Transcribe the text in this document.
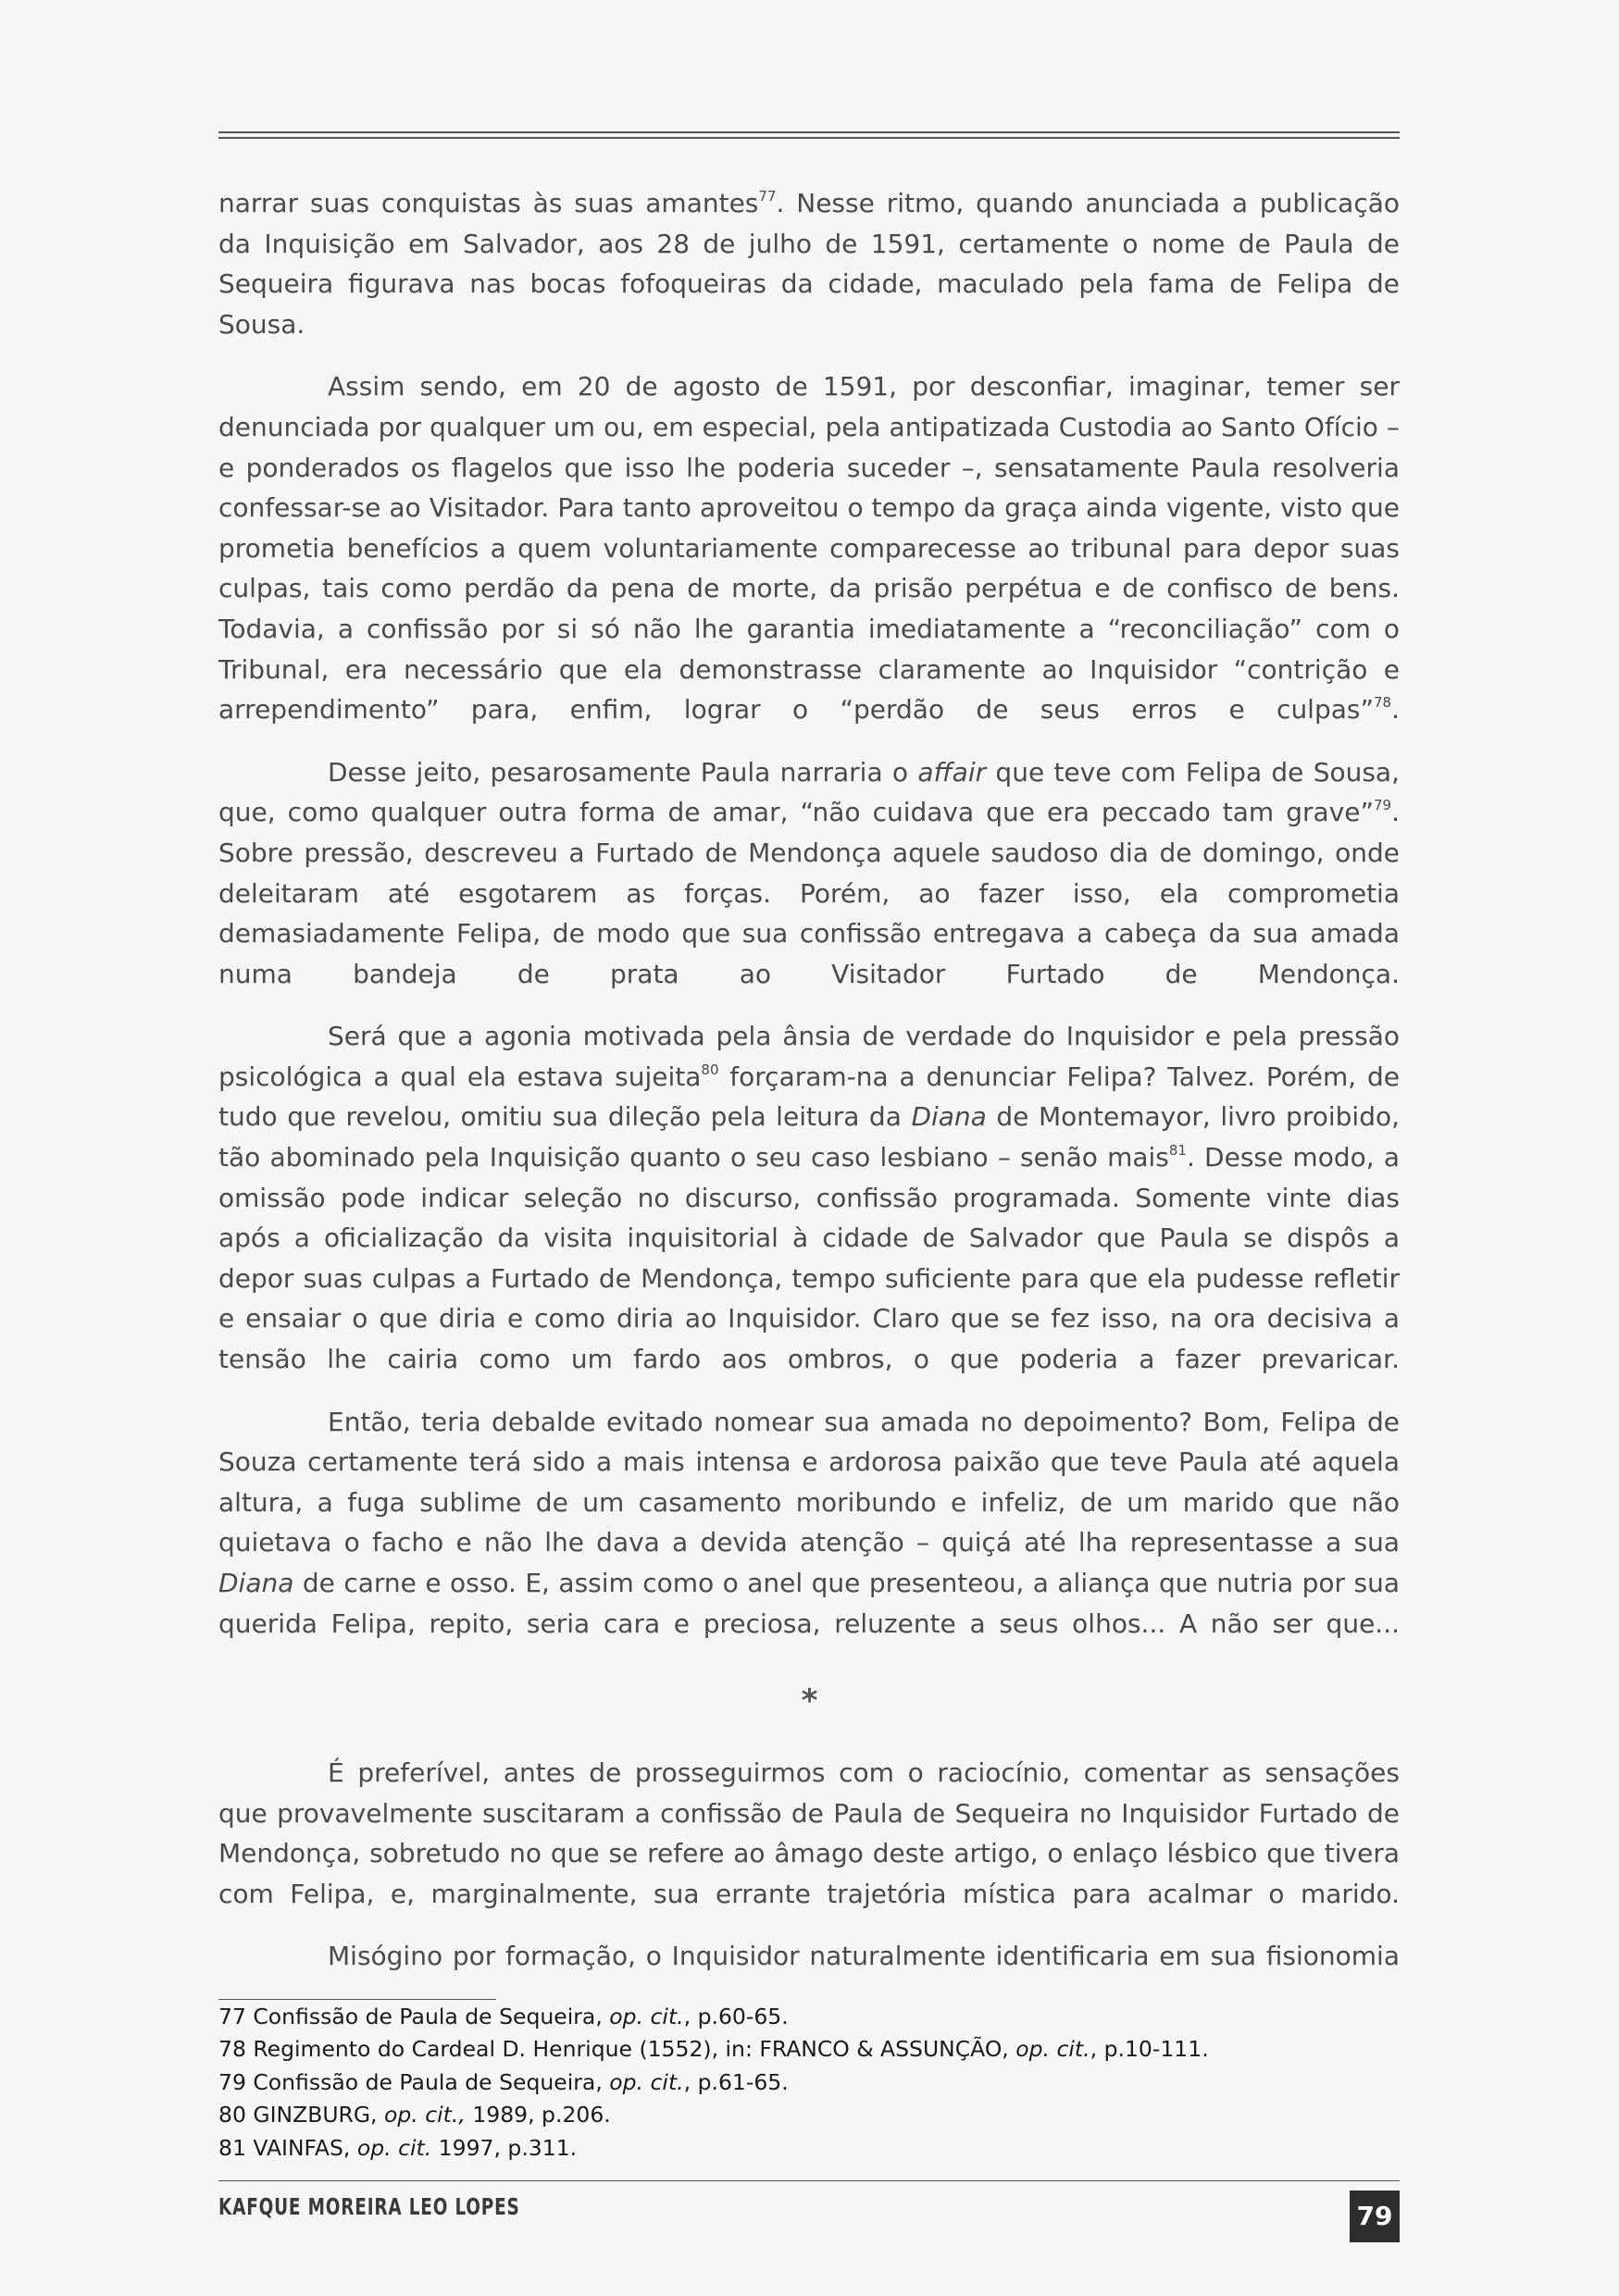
narrar suas conquistas às suas amantes$^{77}$. Nesse ritmo, quando anunciada a publicação da Inquisição em Salvador, aos 28 de julho de 1591, certamente o nome de Paula de Sequeira figurava nas bocas fofoqueiras da cidade, maculado pela fama de Felipa de Sousa.

Assim sendo, em 20 de agosto de 1591, por desconfiar, imaginar, temer ser denunciada por qualquer um ou, em especial, pela antipatizada Custodia ao Santo Ofício – e ponderados os flagelos que isso lhe poderia suceder –, sensatamente Paula resolveria confessar-se ao Visitador. Para tanto aproveitou o tempo da graça ainda vigente, visto que prometia benefícios a quem voluntariamente comparecesse ao tribunal para depor suas culpas, tais como perdão da pena de morte, da prisão perpétua e de confisco de bens. Todavia, a confissão por si só não lhe garantia imediatamente a “reconciliação” com o Tribunal, era necessário que ela demonstrasse claramente ao Inquisidor “contrição e arrependimento” para, enfim, lograr o “perdão de seus erros e culpas”$^{78}$.

Desse jeito, pesarosamente Paula narraria o affair que teve com Felipa de Sousa, que, como qualquer outra forma de amar, “não cuidava que era peccado tam grave”$^{79}$. Sobre pressão, descreveu a Furtado de Mendonça aquele saudoso dia de domingo, onde deleitaram até esgotarem as forças. Porém, ao fazer isso, ela comprometia demasiadamente Felipa, de modo que sua confissão entregava a cabeça da sua amada numa bandeja de prata ao Visitador Furtado de Mendonça.

Será que a agonia motivada pela ânsia de verdade do Inquisidor e pela pressão psicológica a qual ela estava sujeita$^{80}$ forçaram-na a denunciar Felipa? Talvez. Porém, de tudo que revelou, omitiu sua dileção pela leitura da Diana de Montemayor, livro proibido, tão abominado pela Inquisição quanto o seu caso lesbiano – senão mais$^{81}$. Desse modo, a omissão pode indicar seleção no discurso, confissão programada. Somente vinte dias após a oficialização da visita inquisitorial à cidade de Salvador que Paula se dispôs a depor suas culpas a Furtado de Mendonça, tempo suficiente para que ela pudesse refletir e ensaiar o que diria e como diria ao Inquisidor. Claro que se fez isso, na ora decisiva a tensão lhe cairia como um fardo aos ombros, o que poderia a fazer prevaricar.

Então, teria debalde evitado nomear sua amada no depoimento? Bom, Felipa de Souza certamente terá sido a mais intensa e ardorosa paixão que teve Paula até aquela altura, a fuga sublime de um casamento moribundo e infeliz, de um marido que não quietava o facho e não lhe dava a devida atenção – quiçá até lha representasse a sua Diana de carne e osso. E, assim como o anel que presenteou, a aliança que nutria por sua querida Felipa, repito, seria cara e preciosa, reluzente a seus olhos... A não ser que...

*

É preferível, antes de prosseguirmos com o raciocínio, comentar as sensações que provavelmente suscitaram a confissão de Paula de Sequeira no Inquisidor Furtado de Mendonça, sobretudo no que se refere ao âmago deste artigo, o enlaço lésbico que tivera com Felipa, e, marginalmente, sua errante trajetória mística para acalmar o marido.

Misógino por formação, o Inquisidor naturalmente identificaria em sua fisionomia

77 Confissão de Paula de Sequeira, op. cit., p.60-65.
78 Regimento do Cardeal D. Henrique (1552), in: FRANCO & ASSUNÇÃO, op. cit., p.10-111.
79 Confissão de Paula de Sequeira, op. cit., p.61-65.
80 GINZBURG, op. cit., 1989, p.206.
81 VAINFAS, op. cit. 1997, p.311.
KAFQUE MOREIRA LEO LOPES	79
